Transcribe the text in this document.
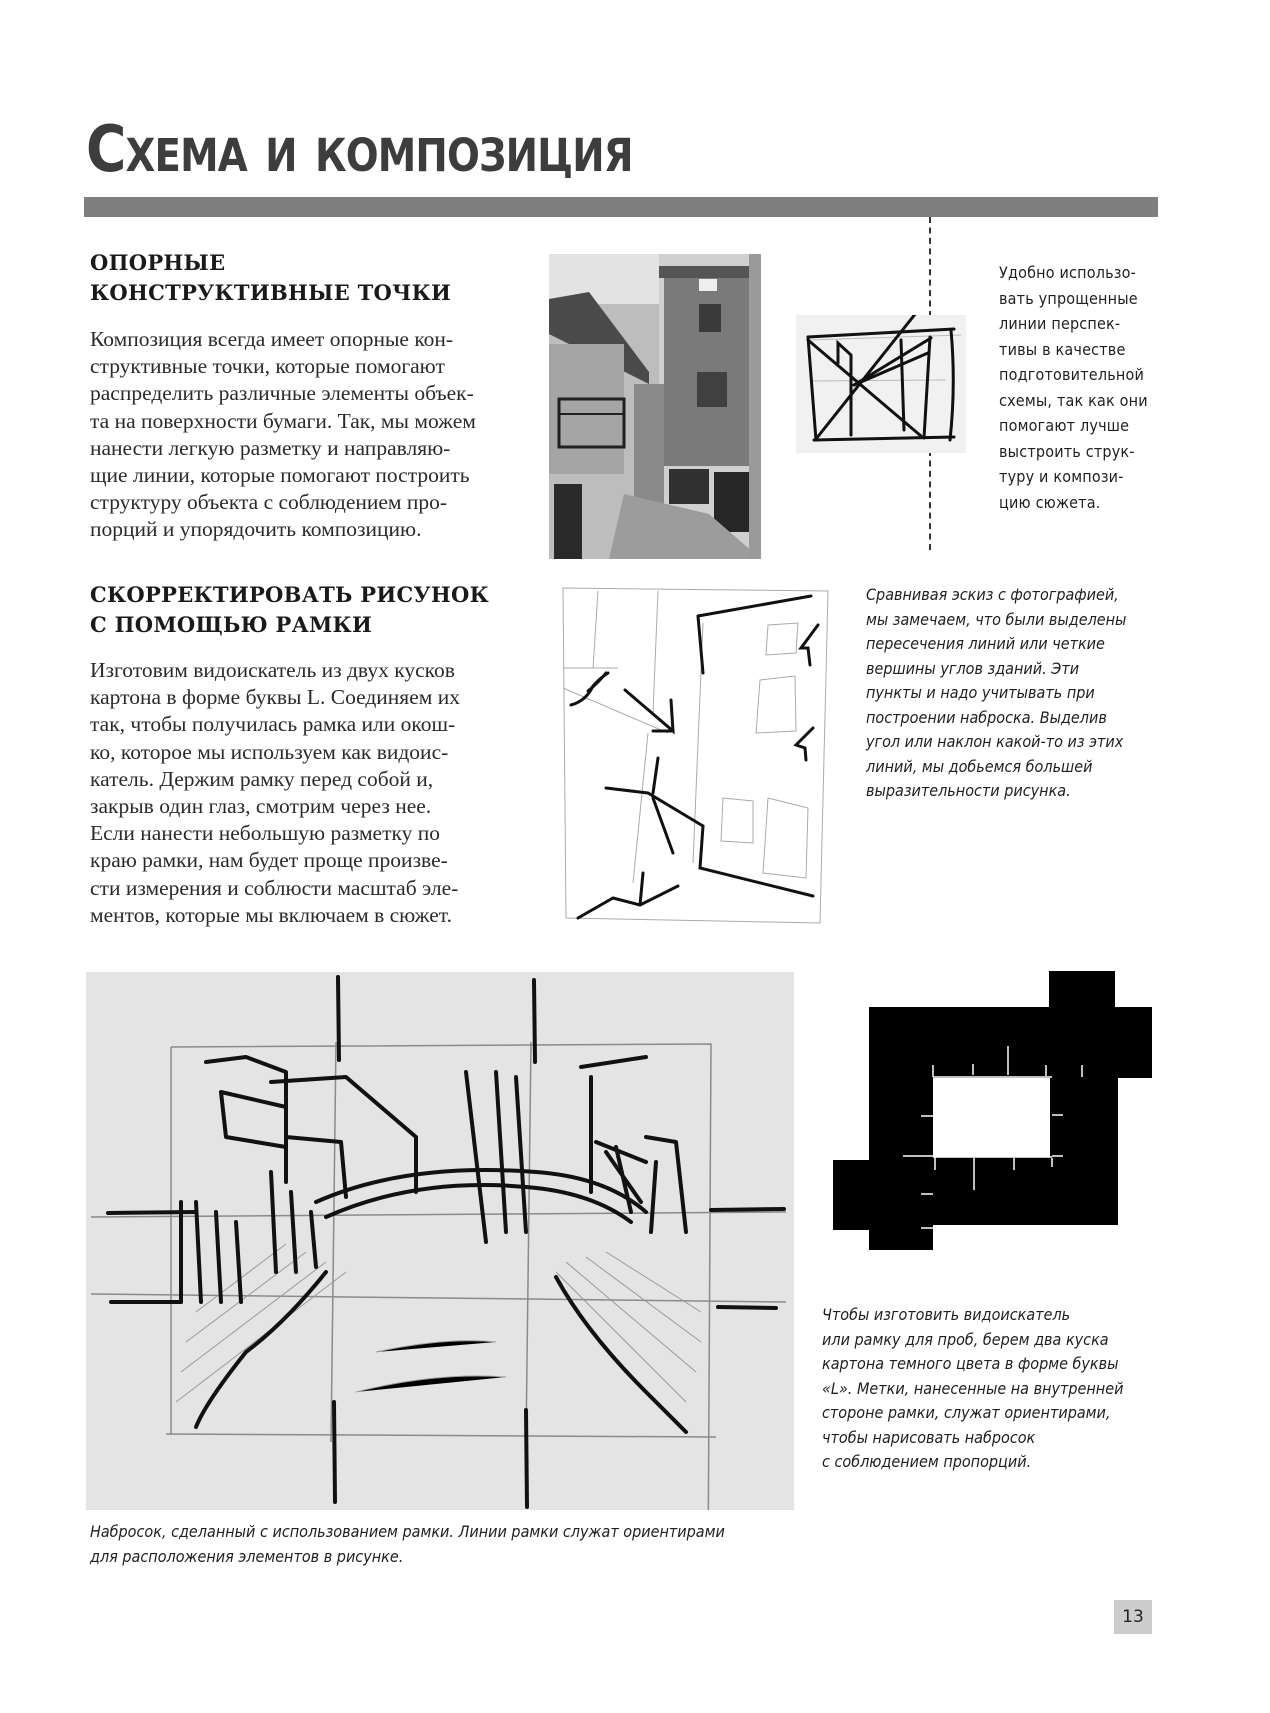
Схема и композиция
ОПОРНЫЕ
КОНСТРУКТИВНЫЕ ТОЧКИ
Композиция всегда имеет опорные кон-
структивные точки, которые помогают
распределить различные элементы объек-
та на поверхности бумаги. Так, мы можем
нанести легкую разметку и направляю-
щие линии, которые помогают построить
структуру объекта с соблюдением про-
порций и упорядочить композицию.
СКОРРЕКТИРОВАТЬ РИСУНОК
С ПОМОЩЬЮ РАМКИ
Изготовим видоискатель из двух кусков
картона в форме буквы L. Соединяем их
так, чтобы получилась рамка или окош-
ко, которое мы используем как видоис-
катель. Держим рамку перед собой и,
закрыв один глаз, смотрим через нее.
Если нанести небольшую разметку по
краю рамки, нам будет проще произве-
сти измерения и соблюсти масштаб эле-
ментов, которые мы включаем в сюжет.
Удобно использо-
вать упрощенные
линии перспек-
тивы в качестве
подготовительной
схемы, так как они
помогают лучше
выстроить струк-
туру и компози-
цию сюжета.
Сравнивая эскиз с фотографией,
мы замечаем, что были выделены
пересечения линий или четкие
вершины углов зданий. Эти
пункты и надо учитывать при
построении наброска. Выделив
угол или наклон какой-то из этих
линий, мы добьемся большей
выразительности рисунка.
Набросок, сделанный с использованием рамки. Линии рамки служат ориентирами
для расположения элементов в рисунке.
Чтобы изготовить видоискатель
или рамку для проб, берем два куска
картона темного цвета в форме буквы
«L». Метки, нанесенные на внутренней
стороне рамки, служат ориентирами,
чтобы нарисовать набросок
с соблюдением пропорций.
13
